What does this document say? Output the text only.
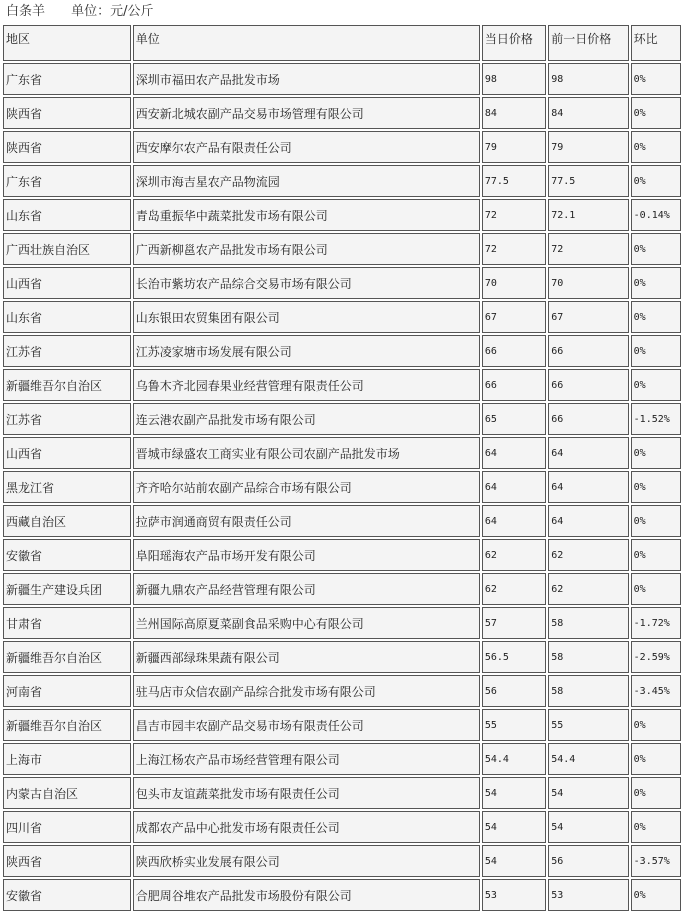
白条羊 单位：元/公斤
地区	单位	当日价格	前一日价格	环比
广东省	深圳市福田农产品批发市场	98	98	0%
陕西省	西安新北城农副产品交易市场管理有限公司	84	84	0%
陕西省	西安摩尔农产品有限责任公司	79	79	0%
广东省	深圳市海吉星农产品物流园	77.5	77.5	0%
山东省	青岛重振华中蔬菜批发市场有限公司	72	72.1	-0.14%
广西壮族自治区	广西新柳邕农产品批发市场有限公司	72	72	0%
山西省	长治市紫坊农产品综合交易市场有限公司	70	70	0%
山东省	山东银田农贸集团有限公司	67	67	0%
江苏省	江苏凌家塘市场发展有限公司	66	66	0%
新疆维吾尔自治区	乌鲁木齐北园春果业经营管理有限责任公司	66	66	0%
江苏省	连云港农副产品批发市场有限公司	65	66	-1.52%
山西省	晋城市绿盛农工商实业有限公司农副产品批发市场	64	64	0%
黑龙江省	齐齐哈尔站前农副产品综合市场有限公司	64	64	0%
西藏自治区	拉萨市润通商贸有限责任公司	64	64	0%
安徽省	阜阳瑶海农产品市场开发有限公司	62	62	0%
新疆生产建设兵团	新疆九鼎农产品经营管理有限公司	62	62	0%
甘肃省	兰州国际高原夏菜副食品采购中心有限公司	57	58	-1.72%
新疆维吾尔自治区	新疆西部绿珠果蔬有限公司	56.5	58	-2.59%
河南省	驻马店市众信农副产品综合批发市场有限公司	56	58	-3.45%
新疆维吾尔自治区	昌吉市园丰农副产品交易市场有限责任公司	55	55	0%
上海市	上海江杨农产品市场经营管理有限公司	54.4	54.4	0%
内蒙古自治区	包头市友谊蔬菜批发市场有限责任公司	54	54	0%
四川省	成都农产品中心批发市场有限责任公司	54	54	0%
陕西省	陕西欣桥实业发展有限公司	54	56	-3.57%
安徽省	合肥周谷堆农产品批发市场股份有限公司	53	53	0%
